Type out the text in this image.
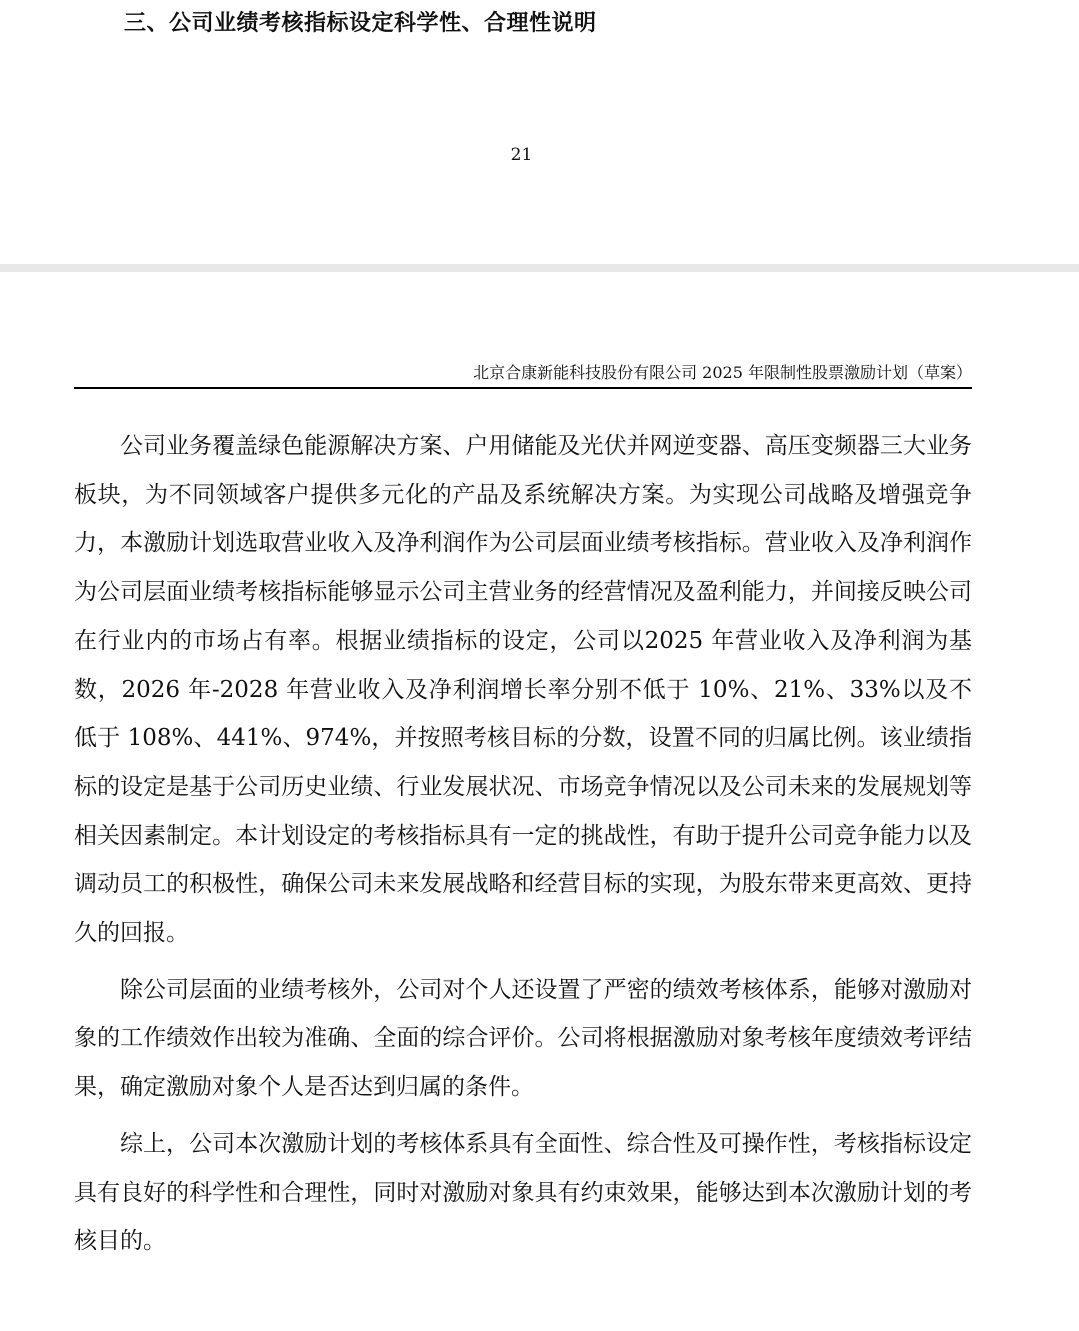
三、公司业绩考核指标设定科学性、合理性说明
21
北京合康新能科技股份有限公司 2025 年限制性股票激励计划（草案）

公司业务覆盖绿色能源解决方案、户用储能及光伏并网逆变器、高压变频器三大业务板块，为不同领域客户提供多元化的产品及系统解决方案。为实现公司战略及增强竞争力，本激励计划选取营业收入及净利润作为公司层面业绩考核指标。营业收入及净利润作为公司层面业绩考核指标能够显示公司主营业务的经营情况及盈利能力，并间接反映公司在行业内的市场占有率。根据业绩指标的设定，公司以2025 年营业收入及净利润为基数，2026 年-2028 年营业收入及净利润增长率分别不低于 10%、21%、33%以及不低于 108%、441%、974%，并按照考核目标的分数，设置不同的归属比例。该业绩指标的设定是基于公司历史业绩、行业发展状况、市场竞争情况以及公司未来的发展规划等相关因素制定。本计划设定的考核指标具有一定的挑战性，有助于提升公司竞争能力以及调动员工的积极性，确保公司未来发展战略和经营目标的实现，为股东带来更高效、更持久的回报。

除公司层面的业绩考核外，公司对个人还设置了严密的绩效考核体系，能够对激励对象的工作绩效作出较为准确、全面的综合评价。公司将根据激励对象考核年度绩效考评结果，确定激励对象个人是否达到归属的条件。

综上，公司本次激励计划的考核体系具有全面性、综合性及可操作性，考核指标设定具有良好的科学性和合理性，同时对激励对象具有约束效果，能够达到本次激励计划的考核目的。
